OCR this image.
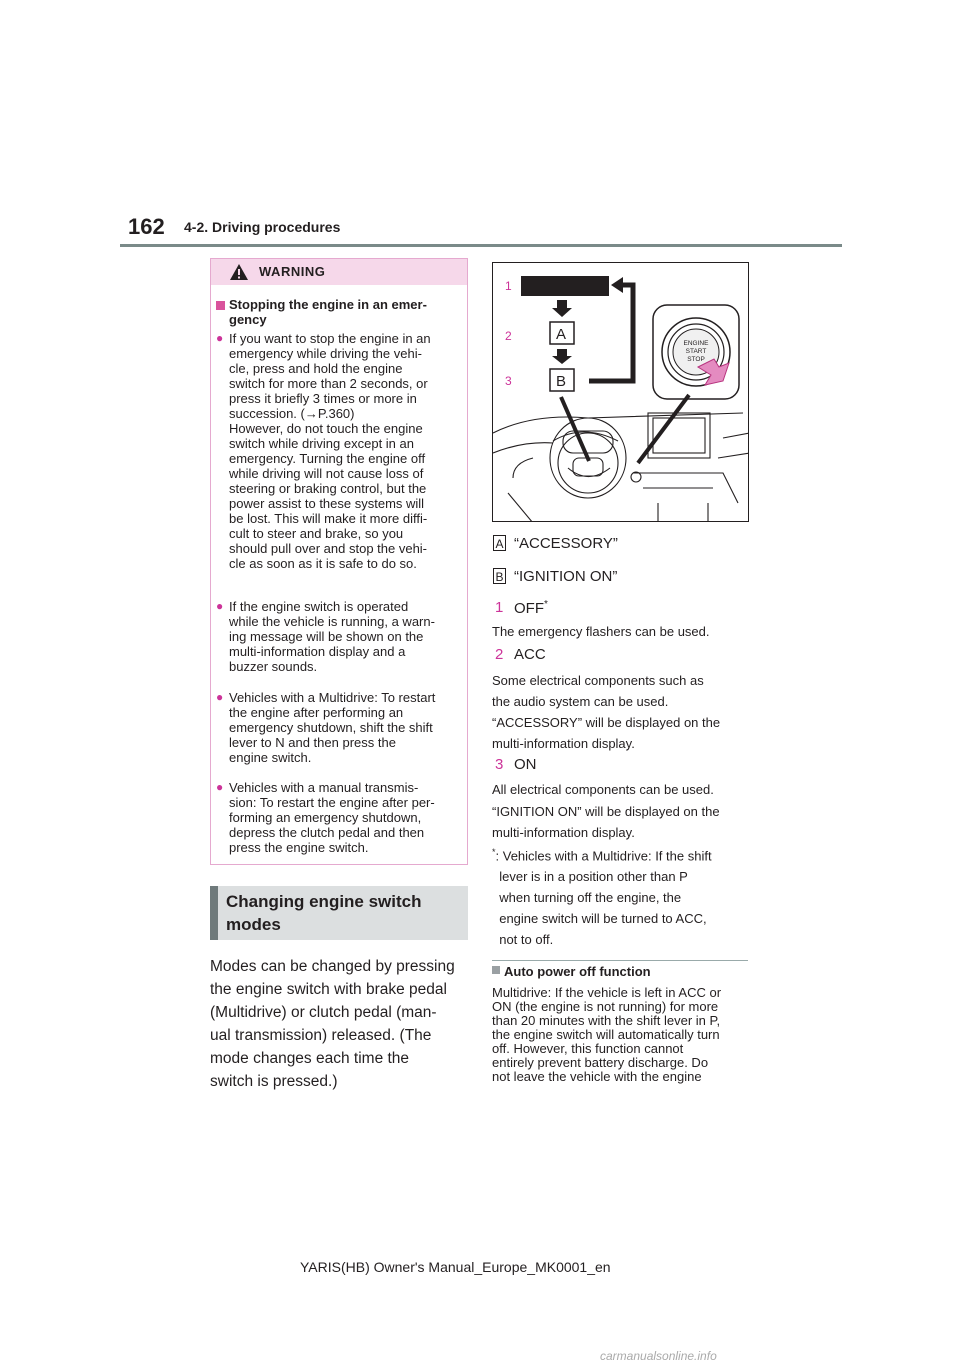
162 4-2. Driving procedures
WARNING
Stopping the engine in an emer-
gency
● If you want to stop the engine in an
emergency while driving the vehi-
cle, press and hold the engine
switch for more than 2 seconds, or
press it briefly 3 times or more in
succession. (→P.360)
However, do not touch the engine
switch while driving except in an
emergency. Turning the engine off
while driving will not cause loss of
steering or braking control, but the
power assist to these systems will
be lost. This will make it more diffi-
cult to steer and brake, so you
should pull over and stop the vehi-
cle as soon as it is safe to do so.
● If the engine switch is operated
while the vehicle is running, a warn-
ing message will be shown on the
multi-information display and a
buzzer sounds.
● Vehicles with a Multidrive: To restart
the engine after performing an
emergency shutdown, shift the shift
lever to N and then press the
engine switch.
● Vehicles with a manual transmis-
sion: To restart the engine after per-
forming an emergency shutdown,
depress the clutch pedal and then
press the engine switch.
Changing engine switch
modes
Modes can be changed by pressing
the engine switch with brake pedal
(Multidrive) or clutch pedal (man-
ual transmission) released. (The
mode changes each time the
switch is pressed.)
1
2
3
A
B
ENGINE
START
STOP
A “ACCESSORY”
B “IGNITION ON”
1 OFF*
The emergency flashers can be used.
2 ACC
Some electrical components such as
the audio system can be used.
“ACCESSORY” will be displayed on the
multi-information display.
3 ON
All electrical components can be used.
“IGNITION ON” will be displayed on the
multi-information display.
*: Vehicles with a Multidrive: If the shift
lever is in a position other than P
when turning off the engine, the
engine switch will be turned to ACC,
not to off.
Auto power off function
Multidrive: If the vehicle is left in ACC or
ON (the engine is not running) for more
than 20 minutes with the shift lever in P,
the engine switch will automatically turn
off. However, this function cannot
entirely prevent battery discharge. Do
not leave the vehicle with the engine
YARIS(HB) Owner's Manual_Europe_MK0001_en
carmanualsonline.info
